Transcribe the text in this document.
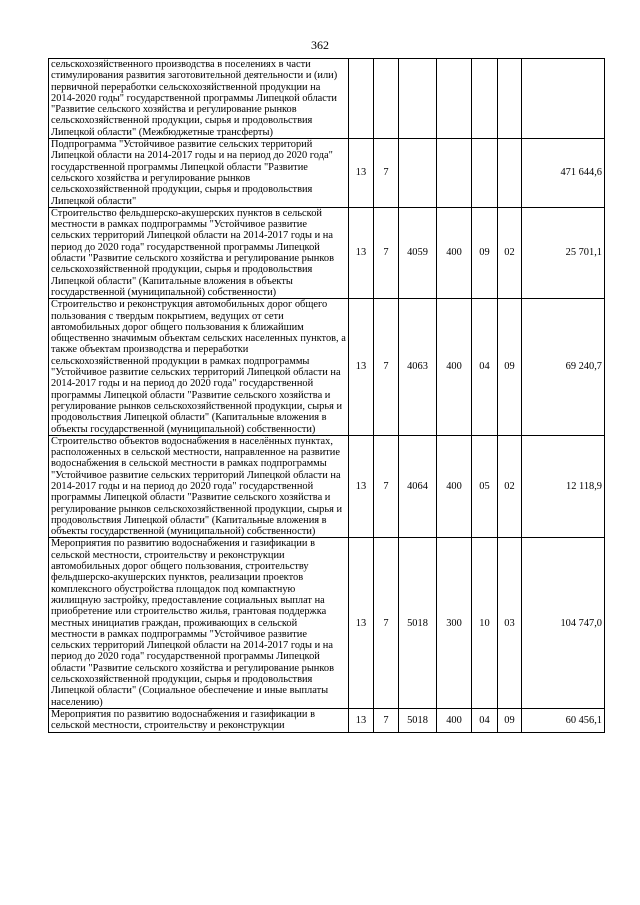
362
сельскохозяйственного производства в поселениях в части стимулирования развития заготовительной деятельности и (или) первичной переработки сельскохозяйственной продукции на 2014-2020 годы" государственной программы Липецкой области "Развитие сельского хозяйства и регулирование рынков сельскохозяйственной продукции, сырья и продовольствия Липецкой области" (Межбюджетные трансферты)							
Подпрограмма "Устойчивое развитие сельских территорий Липецкой области на 2014-2017 годы и на период до 2020 года" государственной программы Липецкой области "Развитие сельского хозяйства и регулирование рынков сельскохозяйственной продукции, сырья и продовольствия Липецкой области"	13	7					471 644,6
Строительство фельдшерско-акушерских пунктов в сельской местности в рамках подпрограммы "Устойчивое развитие сельских территорий Липецкой области на 2014-2017 годы и на период до 2020 года" государственной программы Липецкой области "Развитие сельского хозяйства и регулирование рынков сельскохозяйственной продукции, сырья и продовольствия Липецкой области" (Капитальные вложения в объекты государственной (муниципальной) собственности)	13	7	4059	400	09	02	25 701,1
Строительство и реконструкция автомобильных дорог общего пользования с твердым покрытием, ведущих от сети автомобильных дорог общего пользования к ближайшим общественно значимым объектам сельских населенных пунктов, а также объектам производства и переработки сельскохозяйственной продукции в рамках подпрограммы "Устойчивое развитие сельских территорий Липецкой области на 2014-2017 годы и на период до 2020 года" государственной программы Липецкой области "Развитие сельского хозяйства и регулирование рынков сельскохозяйственной продукции, сырья и продовольствия Липецкой области" (Капитальные вложения в объекты государственной (муниципальной) собственности)	13	7	4063	400	04	09	69 240,7
Строительство объектов водоснабжения в населённых пунктах, расположенных в сельской местности, направленное на развитие водоснабжения в сельской местности в рамках подпрограммы "Устойчивое развитие сельских территорий Липецкой области на 2014-2017 годы и на период до 2020 года" государственной программы Липецкой области "Развитие сельского хозяйства и регулирование рынков сельскохозяйственной продукции, сырья и продовольствия Липецкой области" (Капитальные вложения в объекты государственной (муниципальной) собственности)	13	7	4064	400	05	02	12 118,9
Мероприятия по развитию водоснабжения и газификации в сельской местности, строительству и реконструкции автомобильных дорог общего пользования, строительству фельдшерско-акушерских пунктов, реализации проектов комплексного обустройства площадок под компактную жилищную застройку, предоставление социальных выплат на приобретение или строительство жилья, грантовая поддержка местных инициатив граждан, проживающих в сельской местности в рамках подпрограммы "Устойчивое развитие сельских территорий Липецкой области на 2014-2017 годы и на период до 2020 года" государственной программы Липецкой области "Развитие сельского хозяйства и регулирование рынков сельскохозяйственной продукции, сырья и продовольствия Липецкой области" (Социальное обеспечение и иные выплаты населению)	13	7	5018	300	10	03	104 747,0
Мероприятия по развитию водоснабжения и газификации в сельской местности, строительству и реконструкции	13	7	5018	400	04	09	60 456,1
